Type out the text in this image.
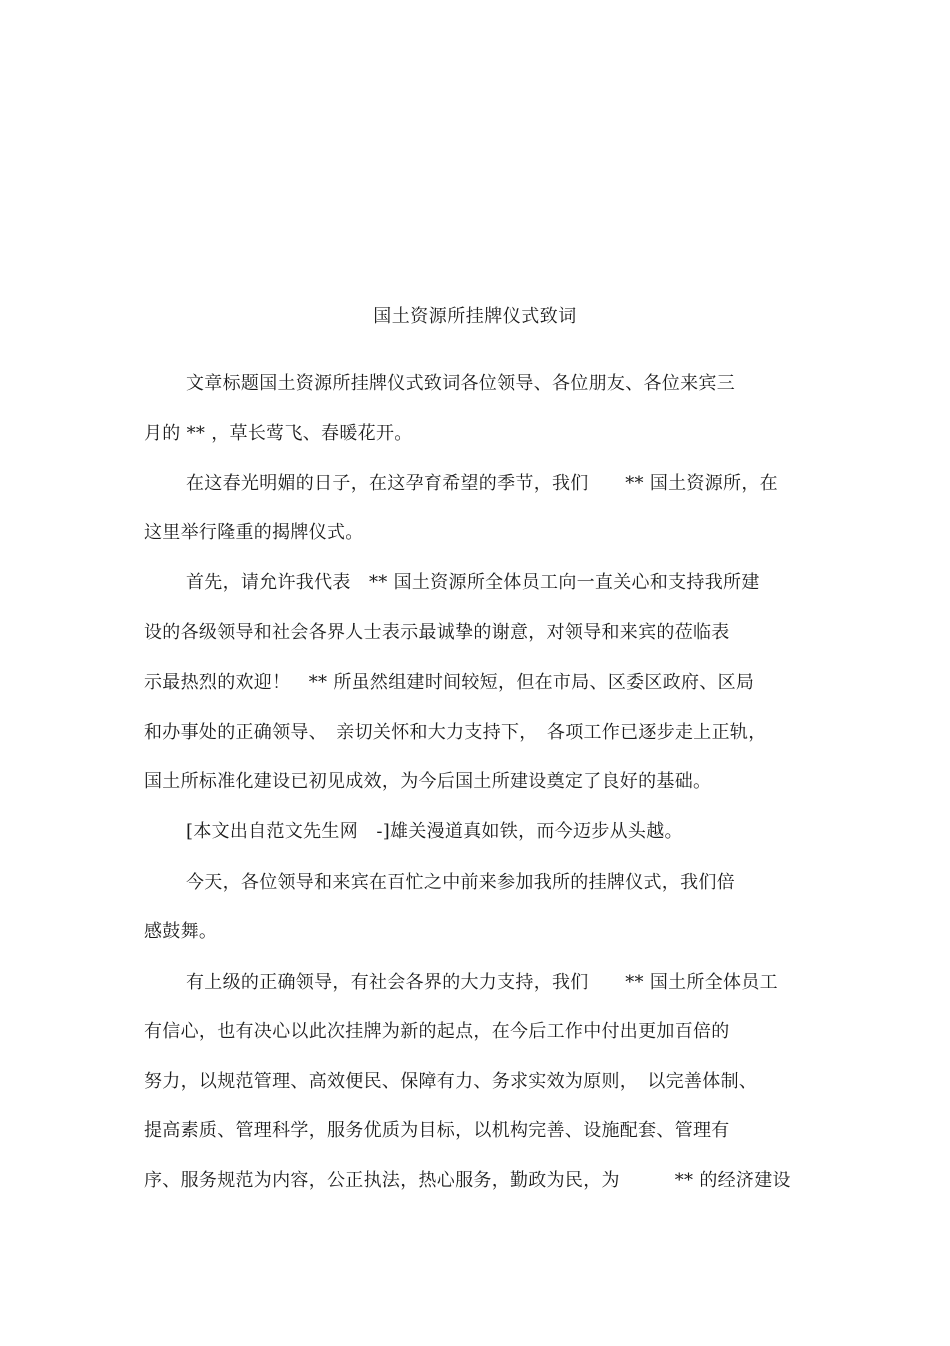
国土资源所挂牌仪式致词
文章标题国土资源所挂牌仪式致词各位领导、各位朋友、各位来宾三
月的 ** ，草长莺飞、春暖花开。
在这春光明媚的日子，在这孕育希望的季节，我们　　** 国土资源所，在
这里举行隆重的揭牌仪式。
首先，请允许我代表　** 国土资源所全体员工向一直关心和支持我所建
设的各级领导和社会各界人士表示最诚挚的谢意，对领导和来宾的莅临表
示最热烈的欢迎！　** 所虽然组建时间较短，但在市局、区委区政府、区局
和办事处的正确领导、　亲切关怀和大力支持下，　各项工作已逐步走上正轨，
国土所标准化建设已初见成效，为今后国土所建设奠定了良好的基础。
[本文出自范文先生网　-]雄关漫道真如铁，而今迈步从头越。
今天，各位领导和来宾在百忙之中前来参加我所的挂牌仪式，我们倍
感鼓舞。
有上级的正确领导，有社会各界的大力支持，我们　　** 国土所全体员工
有信心，也有决心以此次挂牌为新的起点，在今后工作中付出更加百倍的
努力，以规范管理、高效便民、保障有力、务求实效为原则，　以完善体制、
提高素质、管理科学，服务优质为目标，以机构完善、设施配套、管理有
序、服务规范为内容，公正执法，热心服务，勤政为民，为　　　** 的经济建设
